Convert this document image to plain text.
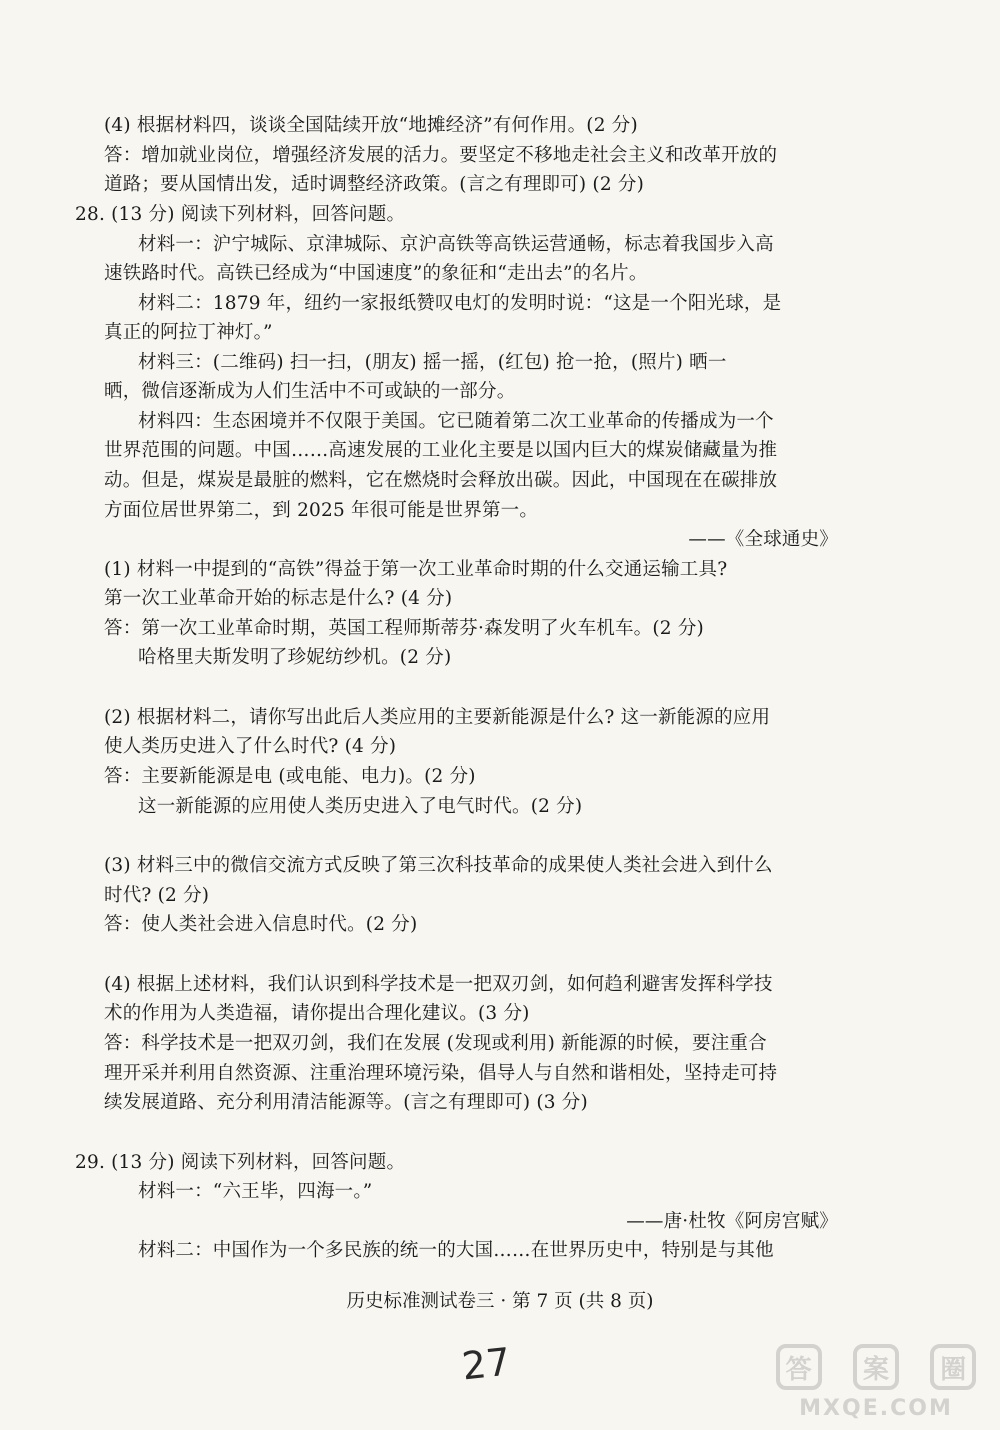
(4) 根据材料四，谈谈全国陆续开放“地摊经济”有何作用。(2 分)
答：增加就业岗位，增强经济发展的活力。要坚定不移地走社会主义和改革开放的
道路；要从国情出发，适时调整经济政策。(言之有理即可) (2 分)
28. (13 分) 阅读下列材料，回答问题。
材料一：沪宁城际、京津城际、京沪高铁等高铁运营通畅，标志着我国步入高
速铁路时代。高铁已经成为“中国速度”的象征和“走出去”的名片。
材料二：1879 年，纽约一家报纸赞叹电灯的发明时说：“这是一个阳光球，是
真正的阿拉丁神灯。”
材料三：(二维码) 扫一扫，(朋友) 摇一摇，(红包) 抢一抢，(照片) 晒一
晒，微信逐渐成为人们生活中不可或缺的一部分。
材料四：生态困境并不仅限于美国。它已随着第二次工业革命的传播成为一个
世界范围的问题。中国……高速发展的工业化主要是以国内巨大的煤炭储藏量为推
动。但是，煤炭是最脏的燃料，它在燃烧时会释放出碳。因此，中国现在在碳排放
方面位居世界第二，到 2025 年很可能是世界第一。
——《全球通史》
(1) 材料一中提到的“高铁”得益于第一次工业革命时期的什么交通运输工具?
第一次工业革命开始的标志是什么? (4 分)
答：第一次工业革命时期，英国工程师斯蒂芬·森发明了火车机车。(2 分)
哈格里夫斯发明了珍妮纺纱机。(2 分)
(2) 根据材料二，请你写出此后人类应用的主要新能源是什么? 这一新能源的应用
使人类历史进入了什么时代? (4 分)
答：主要新能源是电 (或电能、电力)。(2 分)
这一新能源的应用使人类历史进入了电气时代。(2 分)
(3) 材料三中的微信交流方式反映了第三次科技革命的成果使人类社会进入到什么
时代? (2 分)
答：使人类社会进入信息时代。(2 分)
(4) 根据上述材料，我们认识到科学技术是一把双刃剑，如何趋利避害发挥科学技
术的作用为人类造福，请你提出合理化建议。(3 分)
答：科学技术是一把双刃剑，我们在发展 (发现或利用) 新能源的时候，要注重合
理开采并利用自然资源、注重治理环境污染，倡导人与自然和谐相处，坚持走可持
续发展道路、充分利用清洁能源等。(言之有理即可) (3 分)
29. (13 分) 阅读下列材料，回答问题。
材料一：“六王毕，四海一。”
——唐·杜牧《阿房宫赋》
材料二：中国作为一个多民族的统一的大国……在世界历史中，特别是与其他
历史标准测试卷三 · 第 7 页 (共 8 页)
27	答	案	圈
MXQE.COM
